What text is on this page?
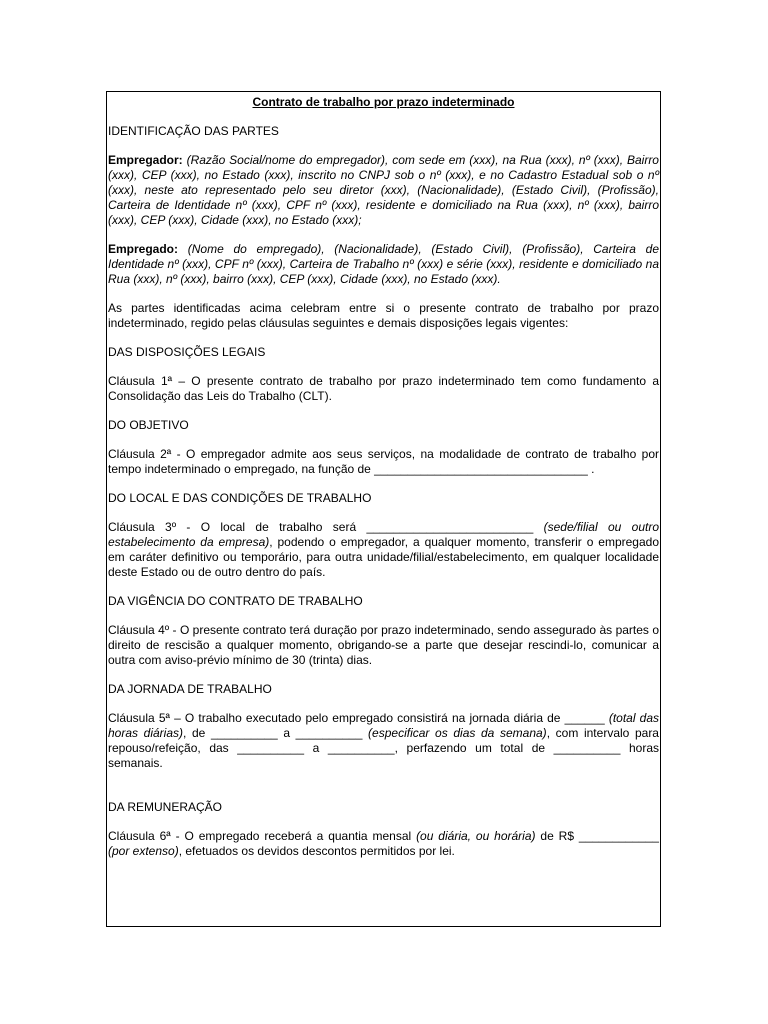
Contrato de trabalho por prazo indeterminado
IDENTIFICAÇÃO DAS PARTES
Empregador: (Razão Social/nome do empregador), com sede em (xxx), na Rua (xxx), nº (xxx), Bairro (xxx), CEP (xxx), no Estado (xxx), inscrito no CNPJ sob o nº (xxx), e no Cadastro Estadual sob o nº (xxx), neste ato representado pelo seu diretor (xxx), (Nacionalidade), (Estado Civil), (Profissão), Carteira de Identidade nº (xxx), CPF nº (xxx), residente e domiciliado na Rua (xxx), nº (xxx), bairro (xxx), CEP (xxx), Cidade (xxx), no Estado (xxx);
Empregado: (Nome do empregado), (Nacionalidade), (Estado Civil), (Profissão), Carteira de Identidade nº (xxx), CPF nº (xxx), Carteira de Trabalho nº (xxx) e série (xxx), residente e domiciliado na Rua (xxx), nº (xxx), bairro (xxx), CEP (xxx), Cidade (xxx), no Estado (xxx).
As partes identificadas acima celebram entre si o presente contrato de trabalho por prazo indeterminado, regido pelas cláusulas seguintes e demais disposições legais vigentes:
DAS DISPOSIÇÕES LEGAIS
Cláusula 1ª – O presente contrato de trabalho por prazo indeterminado tem como fundamento a Consolidação das Leis do Trabalho (CLT).
DO OBJETIVO
Cláusula 2ª - O empregador admite aos seus serviços, na modalidade de contrato de trabalho por tempo indeterminado o empregado, na função de ________________________________ .
DO LOCAL E DAS CONDIÇÕES DE TRABALHO
Cláusula 3º - O local de trabalho será _________________________ (sede/filial ou outro estabelecimento da empresa), podendo o empregador, a qualquer momento, transferir o empregado em caráter definitivo ou temporário, para outra unidade/filial/estabelecimento, em qualquer localidade deste Estado ou de outro dentro do país.
DA VIGÊNCIA DO CONTRATO DE TRABALHO
Cláusula 4º - O presente contrato terá duração por prazo indeterminado, sendo assegurado às partes o direito de rescisão a qualquer momento, obrigando-se a parte que desejar rescindi-lo, comunicar a outra com aviso-prévio mínimo de 30 (trinta) dias.
DA JORNADA DE TRABALHO
Cláusula 5ª – O trabalho executado pelo empregado consistirá na jornada diária de ______ (total das horas diárias), de __________ a __________ (especificar os dias da semana), com intervalo para repouso/refeição, das __________ a __________, perfazendo um total de __________ horas semanais.
DA REMUNERAÇÃO
Cláusula 6ª - O empregado receberá a quantia mensal (ou diária, ou horária) de R$ ____________ (por extenso), efetuados os devidos descontos permitidos por lei.
